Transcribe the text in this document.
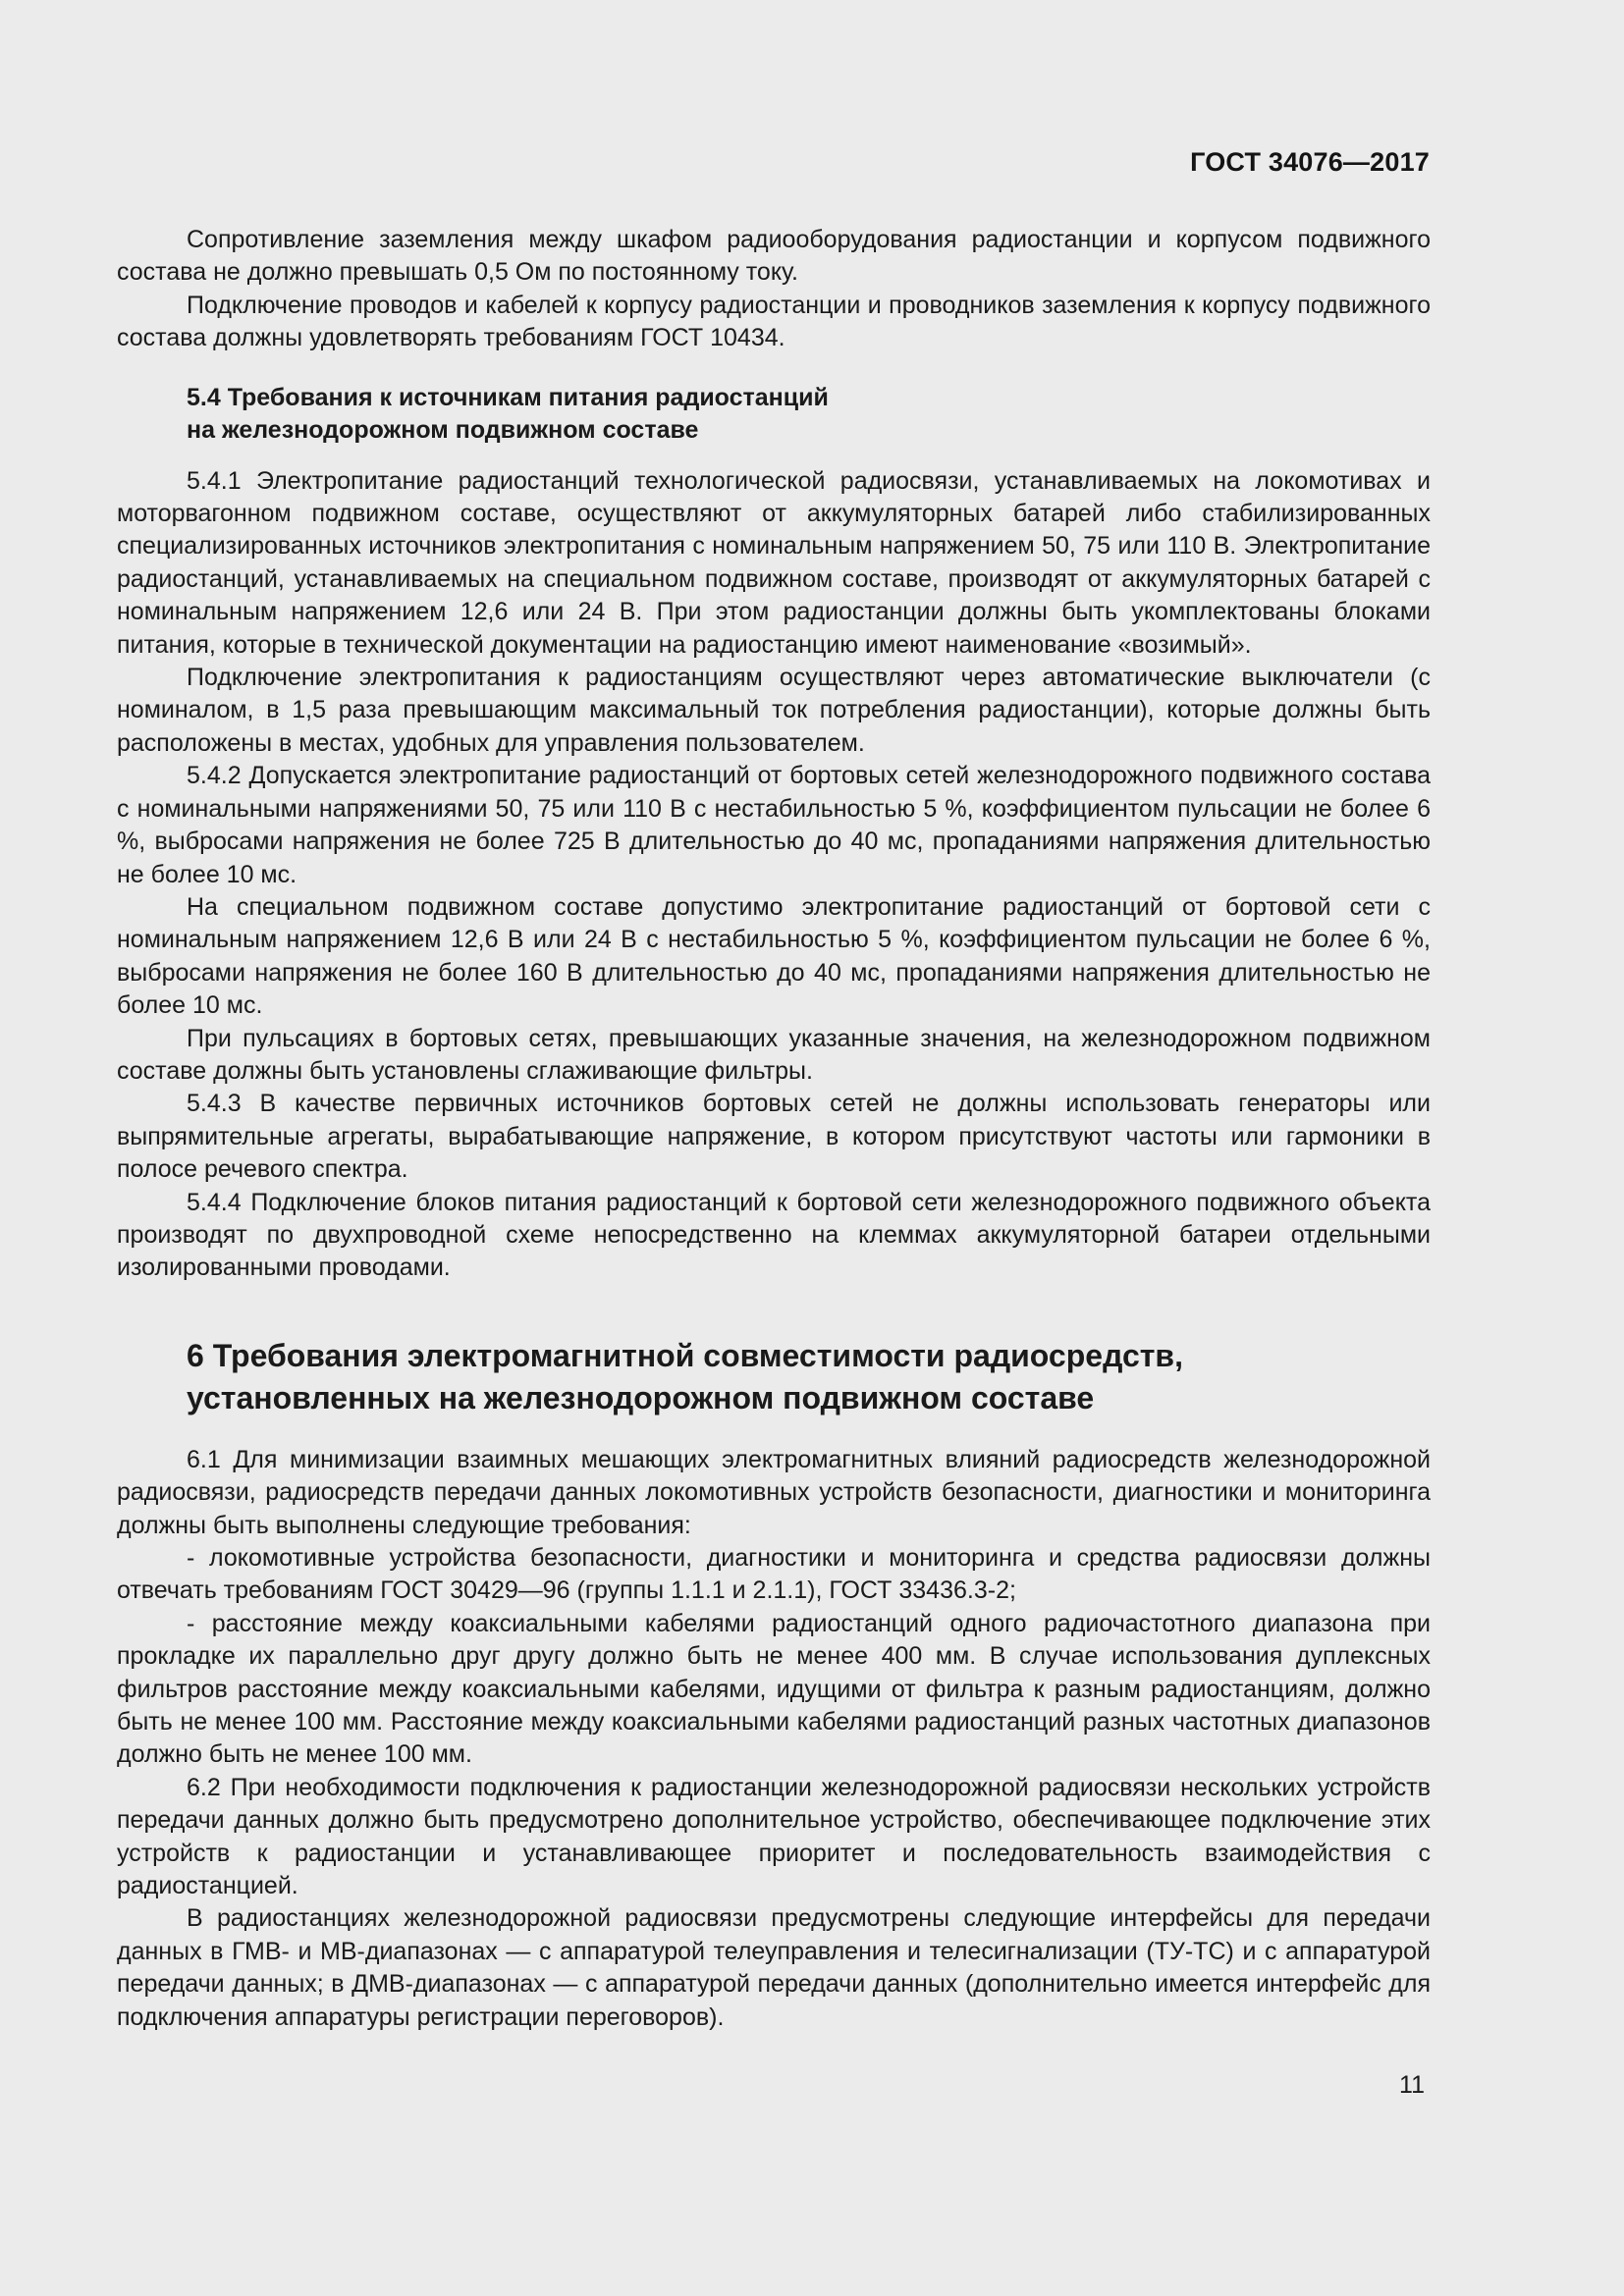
ГОСТ 34076—2017

Сопротивление заземления между шкафом радиооборудования радиостанции и корпусом подвижного состава не должно превышать 0,5 Ом по постоянному току.

Подключение проводов и кабелей к корпусу радиостанции и проводников заземления к корпусу подвижного состава должны удовлетворять требованиям ГОСТ 10434.

5.4 Требования к источникам питания радиостанций
на железнодорожном подвижном составе

5.4.1 Электропитание радиостанций технологической радиосвязи, устанавливаемых на локомотивах и моторвагонном подвижном составе, осуществляют от аккумуляторных батарей либо стабилизированных специализированных источников электропитания с номинальным напряжением 50, 75 или 110 В. Электропитание радиостанций, устанавливаемых на специальном подвижном составе, производят от аккумуляторных батарей с номинальным напряжением 12,6 или 24 В. При этом радиостанции должны быть укомплектованы блоками питания, которые в технической документации на радиостанцию имеют наименование «возимый».

Подключение электропитания к радиостанциям осуществляют через автоматические выключатели (с номиналом, в 1,5 раза превышающим максимальный ток потребления радиостанции), которые должны быть расположены в местах, удобных для управления пользователем.

5.4.2 Допускается электропитание радиостанций от бортовых сетей железнодорожного подвижного состава с номинальными напряжениями 50, 75 или 110 В с нестабильностью 5 %, коэффициентом пульсации не более 6 %, выбросами напряжения не более 725 В длительностью до 40 мс, пропаданиями напряжения длительностью не более 10 мс.

На специальном подвижном составе допустимо электропитание радиостанций от бортовой сети с номинальным напряжением 12,6 В или 24 В с нестабильностью 5 %, коэффициентом пульсации не более 6 %, выбросами напряжения не более 160 В длительностью до 40 мс, пропаданиями напряжения длительностью не более 10 мс.

При пульсациях в бортовых сетях, превышающих указанные значения, на железнодорожном подвижном составе должны быть установлены сглаживающие фильтры.

5.4.3 В качестве первичных источников бортовых сетей не должны использовать генераторы или выпрямительные агрегаты, вырабатывающие напряжение, в котором присутствуют частоты или гармоники в полосе речевого спектра.

5.4.4 Подключение блоков питания радиостанций к бортовой сети железнодорожного подвижного объекта производят по двухпроводной схеме непосредственно на клеммах аккумуляторной батареи отдельными изолированными проводами.

6 Требования электромагнитной совместимости радиосредств,
установленных на железнодорожном подвижном составе

6.1 Для минимизации взаимных мешающих электромагнитных влияний радиосредств железнодорожной радиосвязи, радиосредств передачи данных локомотивных устройств безопасности, диагностики и мониторинга должны быть выполнены следующие требования:

- локомотивные устройства безопасности, диагностики и мониторинга и средства радиосвязи должны отвечать требованиям ГОСТ 30429—96 (группы 1.1.1 и 2.1.1), ГОСТ 33436.3-2;

- расстояние между коаксиальными кабелями радиостанций одного радиочастотного диапазона при прокладке их параллельно друг другу должно быть не менее 400 мм. В случае использования дуплексных фильтров расстояние между коаксиальными кабелями, идущими от фильтра к разным радиостанциям, должно быть не менее 100 мм. Расстояние между коаксиальными кабелями радиостанций разных частотных диапазонов должно быть не менее 100 мм.

6.2 При необходимости подключения к радиостанции железнодорожной радиосвязи нескольких устройств передачи данных должно быть предусмотрено дополнительное устройство, обеспечивающее подключение этих устройств к радиостанции и устанавливающее приоритет и последовательность взаимодействия с радиостанцией.

В радиостанциях железнодорожной радиосвязи предусмотрены следующие интерфейсы для передачи данных в ГМВ- и МВ-диапазонах — с аппаратурой телеуправления и телесигнализации (ТУ-ТС) и с аппаратурой передачи данных; в ДМВ-диапазонах — с аппаратурой передачи данных (дополнительно имеется интерфейс для подключения аппаратуры регистрации переговоров).

11
